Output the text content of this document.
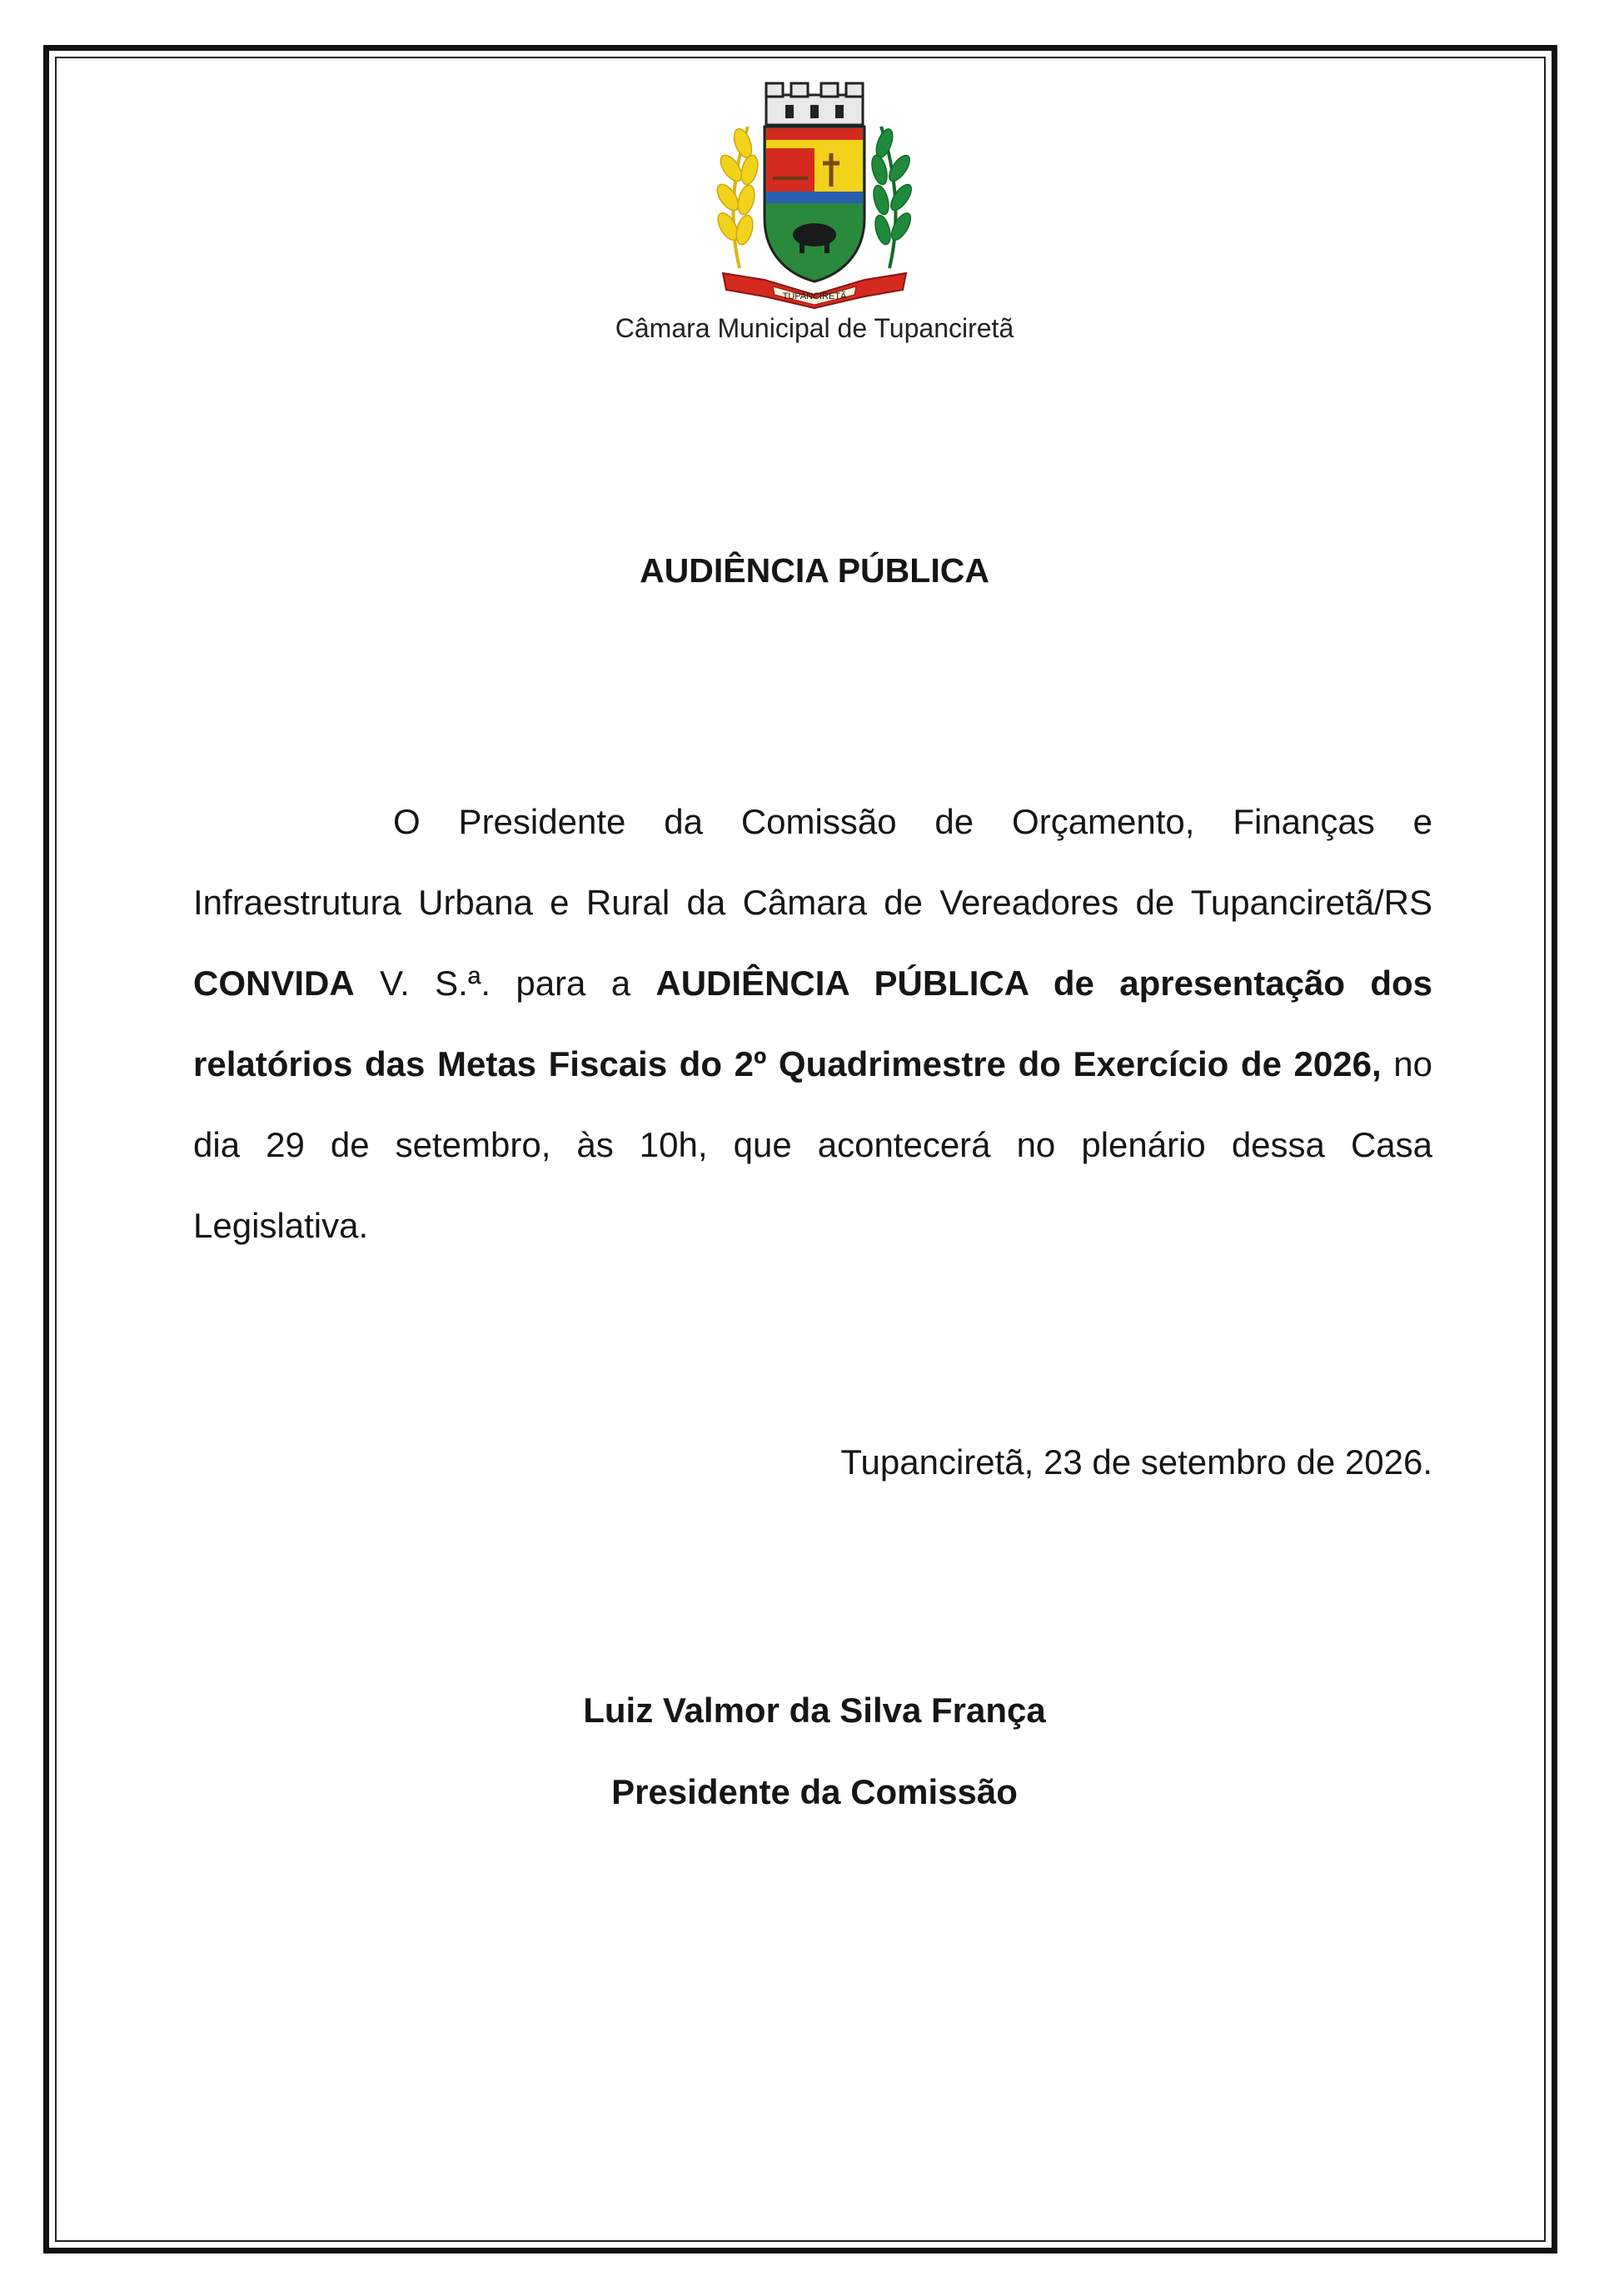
TUPANCIRETÃ

Câmara Municipal de Tupanciretã

AUDIÊNCIA PÚBLICA

O Presidente da Comissão de Orçamento, Finanças e Infraestrutura Urbana e Rural da Câmara de Vereadores de Tupanciretã/RS CONVIDA V. S.ª. para a AUDIÊNCIA PÚBLICA de apresentação dos relatórios das Metas Fiscais do 2º Quadrimestre do Exercício de 2026, no dia 29 de setembro, às 10h, que acontecerá no plenário dessa Casa Legislativa.

Tupanciretã, 23 de setembro de 2026.

Luiz Valmor da Silva França

Presidente da Comissão
